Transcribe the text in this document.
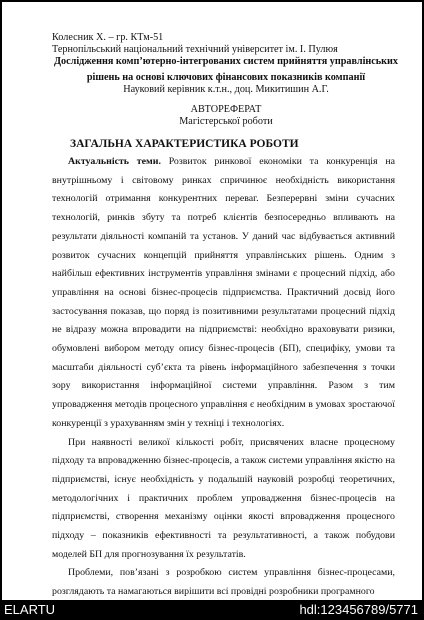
Колесник Х. – гр. КТм-51
Тернопільський національний технічний університет ім. І. Пулюя
Дослідження комп’ютерно-інтегрованих систем прийняття управлінських
рішень на основі ключових фінансових показників компанії
Науковий керівник к.т.н., доц. Микитишин А.Г.
АВТОРЕФЕРАТ
Магістерської роботи
ЗАГАЛЬНА ХАРАКТЕРИСТИКА РОБОТИ

Актуальність теми. Розвиток ринкової економіки та конкуренція на внутрішньому і світовому ринках спричинює необхідність використання технологій отримання конкурентних переваг. Безперервні зміни сучасних технологій, ринків збуту та потреб клієнтів безпосередньо впливають на результати діяльності компаній та установ. У даний час відбувається активний розвиток сучасних концепцій прийняття управлінських рішень. Одним з найбільш ефективних інструментів управління змінами є процесний підхід, або управління на основі бізнес-процесів підприємства. Практичний досвід його застосування показав, що поряд із позитивними результатами процесний підхід не відразу можна впровадити на підприємстві: необхідно враховувати ризики, обумовлені вибором методу опису бізнес-процесів (БП), специфіку, умови та масштаби діяльності суб’єкта та рівень інформаційного забезпечення з точки зору використання інформаційної системи управління. Разом з тим упровадження методів процесного управління є необхідним в умовах зростаючої конкуренції з урахуванням змін у техніці і технологіях.

При наявності великої кількості робіт, присвячених власне процесному підходу та впровадженню бізнес-процесів, а також системи управління якістю на підприємстві, існує необхідність у подальшій науковій розробці теоретичних, методологічних і практичних проблем упровадження бізнес-процесів на підприємстві, створення механізму оцінки якості впровадження процесного підходу – показників ефективності та результативності, а також побудови моделей БП для прогнозування їх результатів.

Проблеми, пов’язані з розробкою систем управління бізнес-процесами, розглядають та намагаються вирішити всі провідні розробники програмного

ELARTU	hdl:123456789/5771
